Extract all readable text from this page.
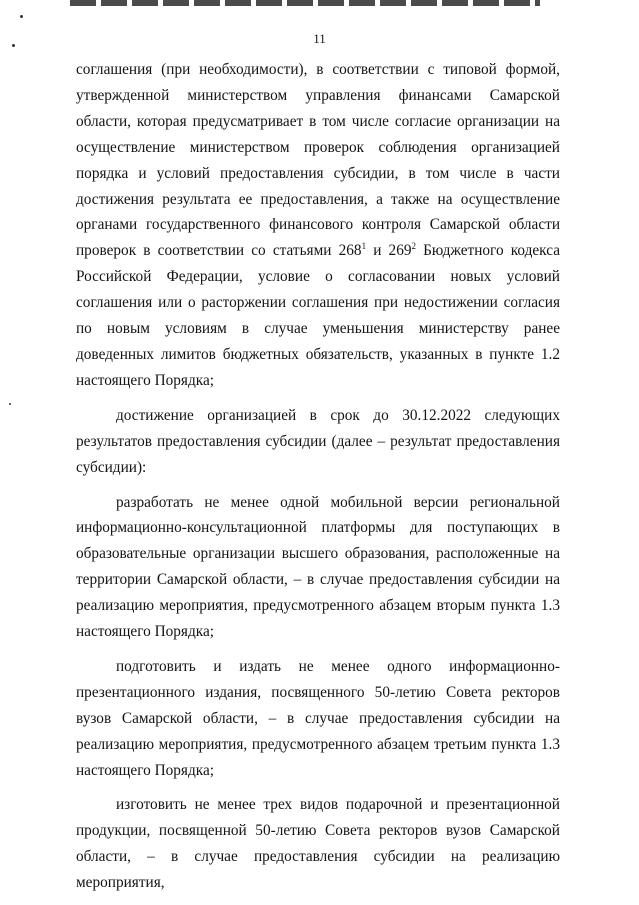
11

соглашения (при необходимости), в соответствии с типовой формой, утвержденной министерством управления финансами Самарской области, которая предусматривает в том числе согласие организации на осуществление министерством проверок соблюдения организацией порядка и условий предоставления субсидии, в том числе в части достижения результата ее предоставления, а также на осуществление органами государственного финансового контроля Самарской области проверок в соответствии со статьями $268^1$ и $269^2$ Бюджетного кодекса Российской Федерации, условие о согласовании новых условий соглашения или о расторжении соглашения при недостижении согласия по новым условиям в случае уменьшения министерству ранее доведенных лимитов бюджетных обязательств, указанных в пункте 1.2 настоящего Порядка;

достижение организацией в срок до 30.12.2022 следующих результатов предоставления субсидии (далее – результат предоставления субсидии):

разработать не менее одной мобильной версии региональной информационно-консультационной платформы для поступающих в образовательные организации высшего образования, расположенные на территории Самарской области, – в случае предоставления субсидии на реализацию мероприятия, предусмотренного абзацем вторым пункта 1.3 настоящего Порядка;

подготовить и издать не менее одного информационно-презентационного издания, посвященного 50-летию Совета ректоров вузов Самарской области, – в случае предоставления субсидии на реализацию мероприятия, предусмотренного абзацем третьим пункта 1.3 настоящего Порядка;

изготовить не менее трех видов подарочной и презентационной продукции, посвященной 50-летию Совета ректоров вузов Самарской области, – в случае предоставления субсидии на реализацию мероприятия,
